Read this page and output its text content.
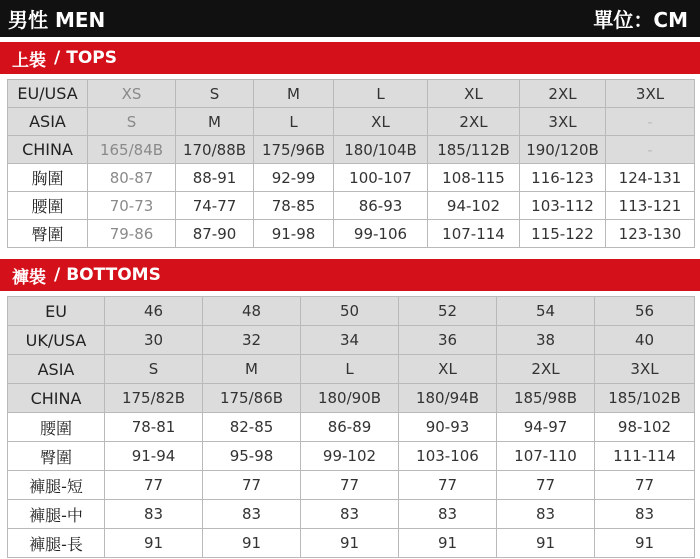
男性 MEN	單位：CM
上裝 / TOPS
EU/USA	XS	S	M	L	XL	2XL	3XL
ASIA	S	M	L	XL	2XL	3XL	-
CHINA	165/84B	170/88B	175/96B	180/104B	185/112B	190/120B	-
胸圍	80-87	88-91	92-99	100-107	108-115	116-123	124-131
腰圍	70-73	74-77	78-85	86-93	94-102	103-112	113-121
臀圍	79-86	87-90	91-98	99-106	107-114	115-122	123-130
褲裝 / BOTTOMS
EU	46	48	50	52	54	56
UK/USA	30	32	34	36	38	40
ASIA	S	M	L	XL	2XL	3XL
CHINA	175/82B	175/86B	180/90B	180/94B	185/98B	185/102B
腰圍	78-81	82-85	86-89	90-93	94-97	98-102
臀圍	91-94	95-98	99-102	103-106	107-110	111-114
褲腿-短	77	77	77	77	77	77
褲腿-中	83	83	83	83	83	83
褲腿-長	91	91	91	91	91	91
